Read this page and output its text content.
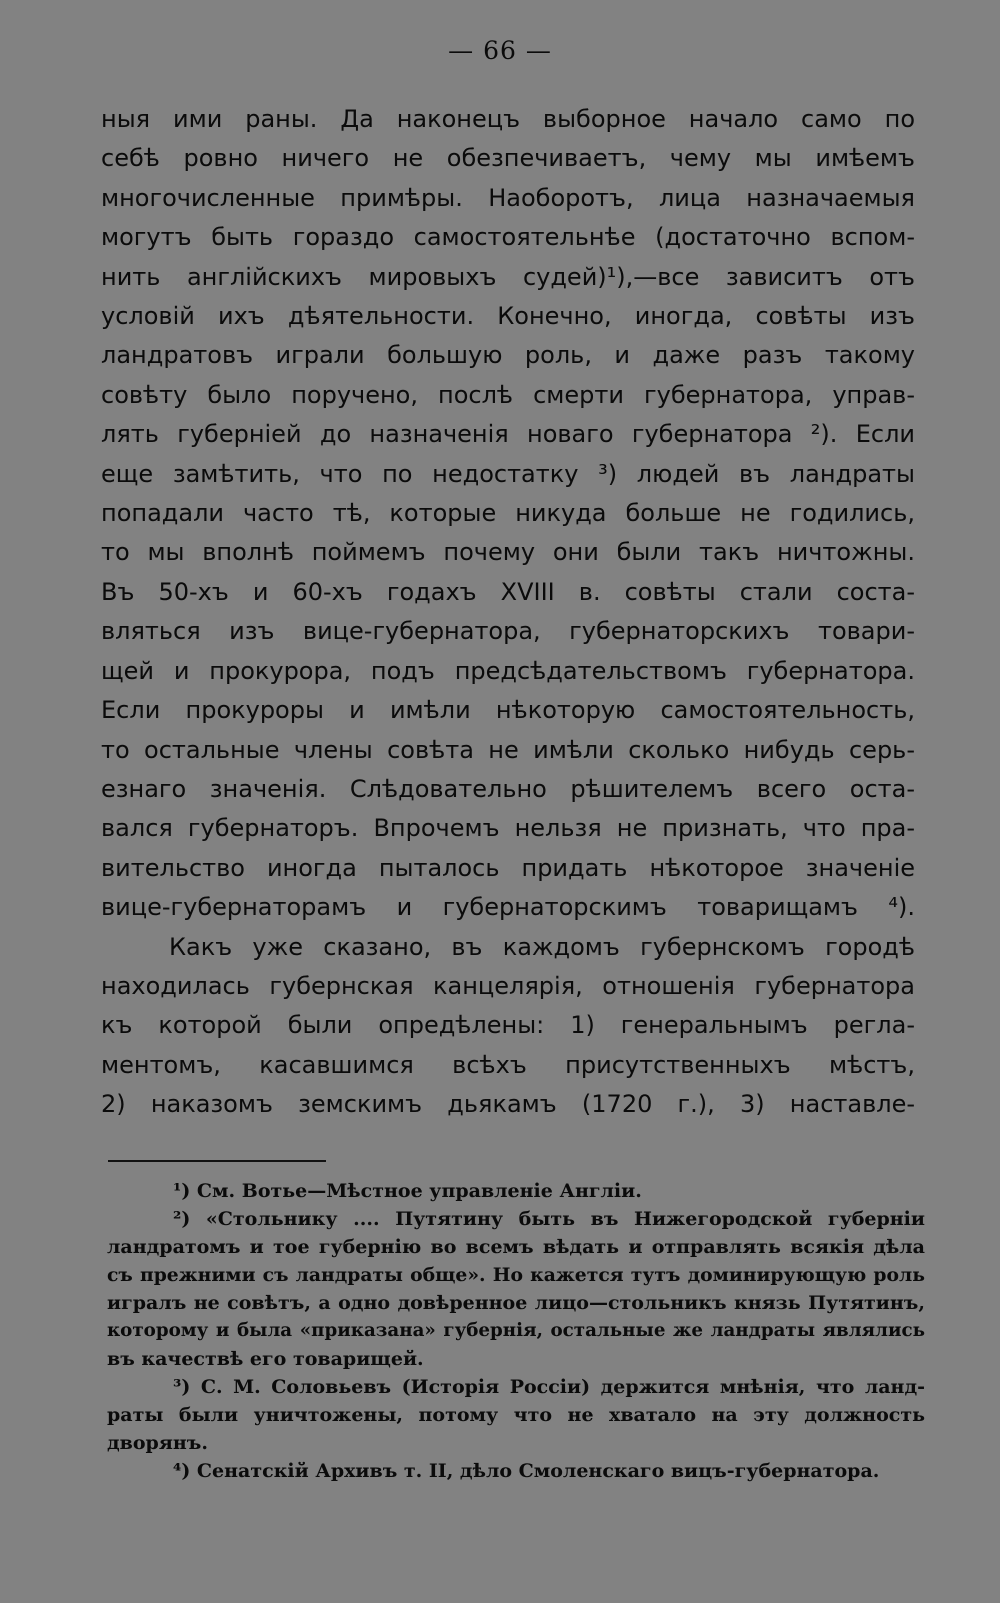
— 66 —
ныя ими раны. Да наконецъ выборное начало само по
себѣ ровно ничего не обезпечиваетъ, чему мы имѣемъ
многочисленные примѣры. Наоборотъ, лица назначаемыя
могутъ быть гораздо самостоятельнѣе (достаточно вспом-
нить англійскихъ мировыхъ судей)¹),—все зависитъ отъ
условій ихъ дѣятельности. Конечно, иногда, совѣты изъ
ландратовъ играли большую роль, и даже разъ такому
совѣту было поручено, послѣ смерти губернатора, управ-
лять губерніей до назначенія новаго губернатора ²). Если
еще замѣтить, что по недостатку ³) людей въ ландраты
попадали часто тѣ, которые никуда больше не годились,
то мы вполнѣ поймемъ почему они были такъ ничтожны.
Въ 50-хъ и 60-хъ годахъ XVIII в. совѣты стали соста-
вляться изъ вице-губернатора, губернаторскихъ товари-
щей и прокурора, подъ предсѣдательствомъ губернатора.
Если прокуроры и имѣли нѣкоторую самостоятельность,
то остальные члены совѣта не имѣли сколько нибудь серь-
езнаго значенія. Слѣдовательно рѣшителемъ всего оста-
вался губернаторъ. Впрочемъ нельзя не признать, что пра-
вительство иногда пыталось придать нѣкоторое значеніе
вице-губернаторамъ и губернаторскимъ товарищамъ ⁴).
Какъ уже сказано, въ каждомъ губернскомъ городѣ
находилась губернская канцелярія, отношенія губернатора
къ которой были опредѣлены: 1) генеральнымъ регла-
ментомъ, касавшимся всѣхъ присутственныхъ мѣстъ,
2) наказомъ земскимъ дьякамъ (1720 г.), 3) наставле-
¹) См. Вотье—Мѣстное управленіе Англіи.
²) «Стольнику .... Путятину быть въ Нижегородской губерніи
ландратомъ и тое губернію во всемъ вѣдать и отправлять всякія дѣла
съ прежними съ ландраты обще». Но кажется тутъ доминирующую роль
игралъ не совѣтъ, а одно довѣренное лицо—стольникъ князь Путятинъ,
которому и была «приказана» губернія, остальные же ландраты являлись
въ качествѣ его товарищей.
³) С. М. Соловьевъ (Исторія Россіи) держится мнѣнія, что ланд-
раты были уничтожены, потому что не хватало на эту должность
дворянъ.
⁴) Сенатскій Архивъ т. II, дѣло Смоленскаго вицъ-губернатора.
